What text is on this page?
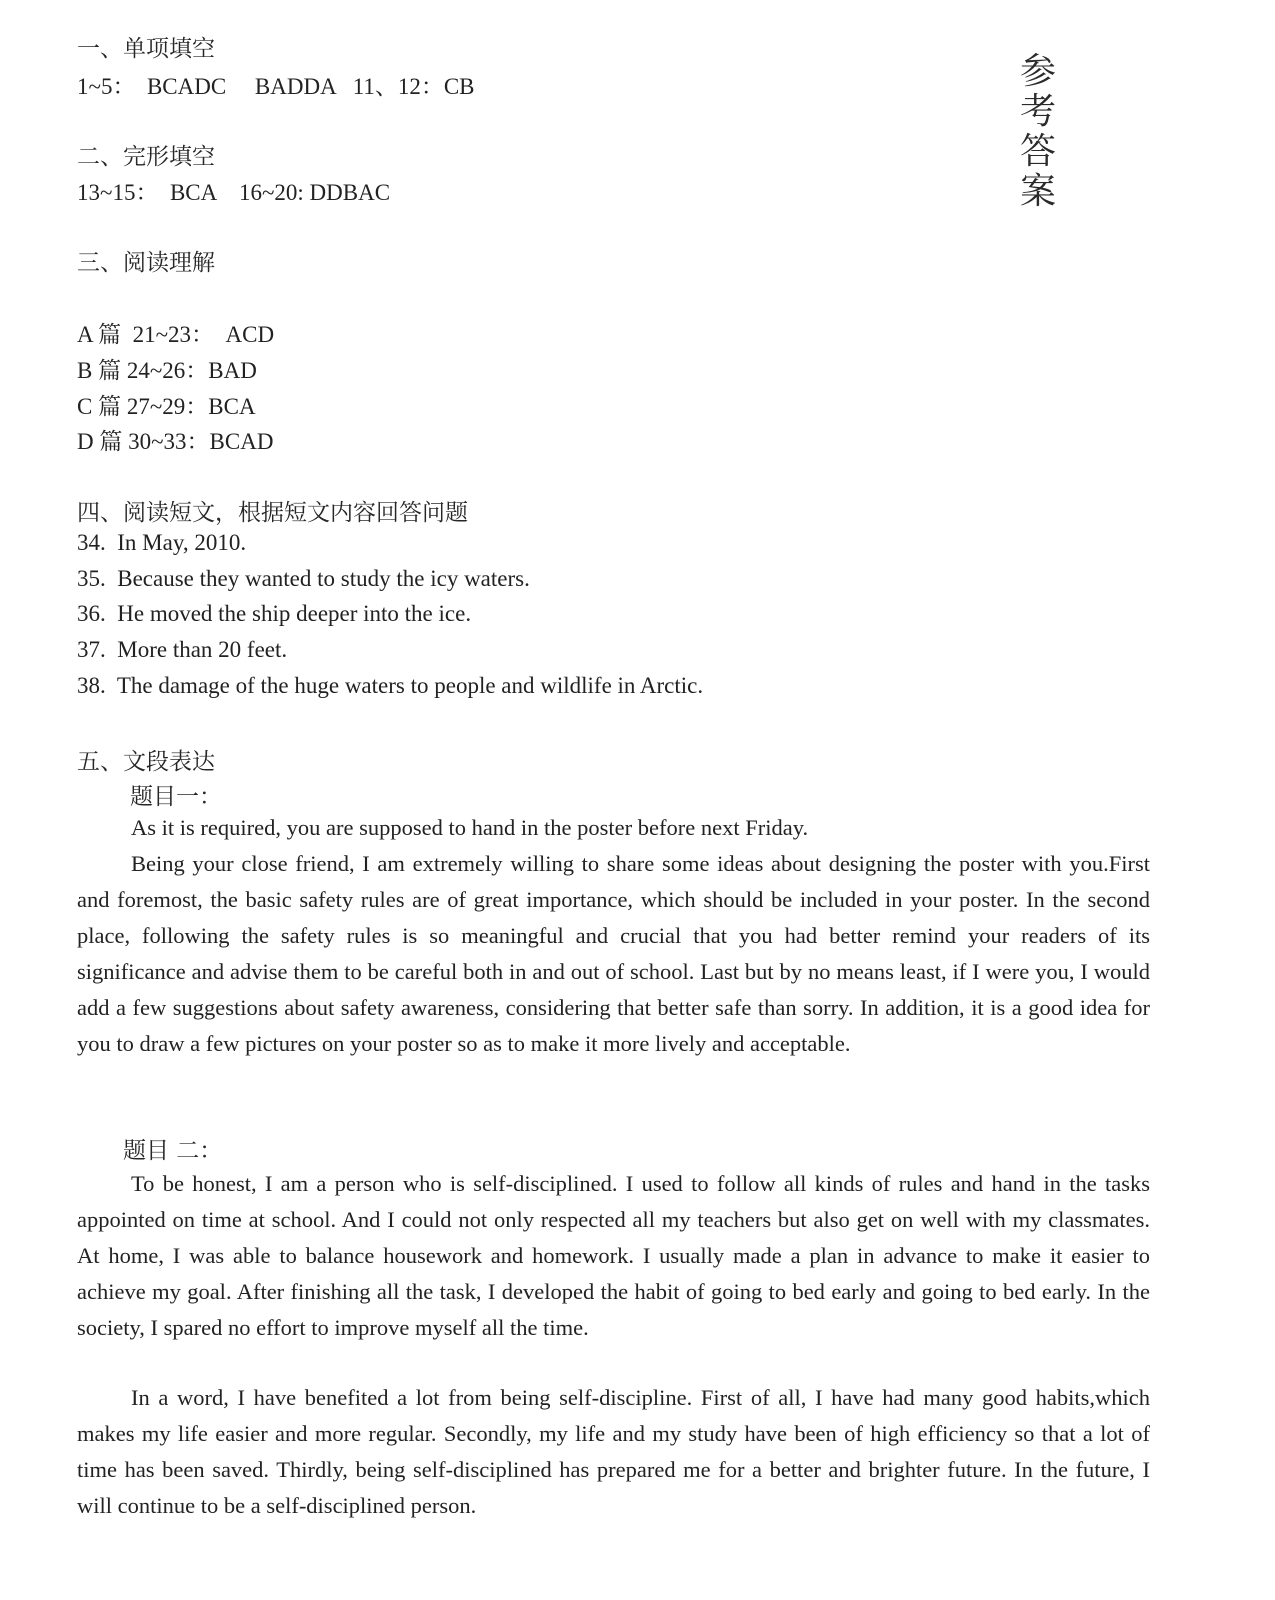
参考答案
一、单项填空
1~5：  BCADC     BADDA   11、12：CB
二、完形填空
13~15：  BCA    16~20: DDBAC
三、阅读理解
A 篇  21~23：  ACD
B 篇 24~26：BAD
C 篇 27~29：BCA
D 篇 30~33：BCAD
四、阅读短文，根据短文内容回答问题
34.  In May, 2010.
35.  Because they wanted to study the icy waters.
36.  He moved the ship deeper into the ice.
37.  More than 20 feet.
38.  The damage of the huge waters to people and wildlife in Arctic.
五、文段表达
题目一：
As it is required, you are supposed to hand in the poster before next Friday.
Being your close friend, I am extremely willing to share some ideas about designing the poster with you.First and foremost, the basic safety rules are of great importance, which should be included in your poster. In the second place, following the safety rules is so meaningful and crucial that you had better remind your readers of its significance and advise them to be careful both in and out of school. Last but by no means least, if I were you, I would add a few suggestions about safety awareness, considering that better safe than sorry. In addition, it is a good idea for you to draw a few pictures on your poster so as to make it more lively and acceptable.
题目 二：
To be honest, I am a person who is self-disciplined. I used to follow all kinds of rules and hand in the tasks appointed on time at school. And I could not only respected all my teachers but also get on well with my classmates. At home, I was able to balance housework and homework. I usually made a plan in advance to make it easier to achieve my goal. After finishing all the task, I developed the habit of going to bed early and going to bed early. In the society, I spared no effort to improve myself all the time.
In a word, I have benefited a lot from being self-discipline. First of all, I have had many good habits,which makes my life easier and more regular. Secondly, my life and my study have been of high efficiency so that a lot of time has been saved. Thirdly, being self-disciplined has prepared me for a better and brighter future. In the future, I will continue to be a self-disciplined person.
